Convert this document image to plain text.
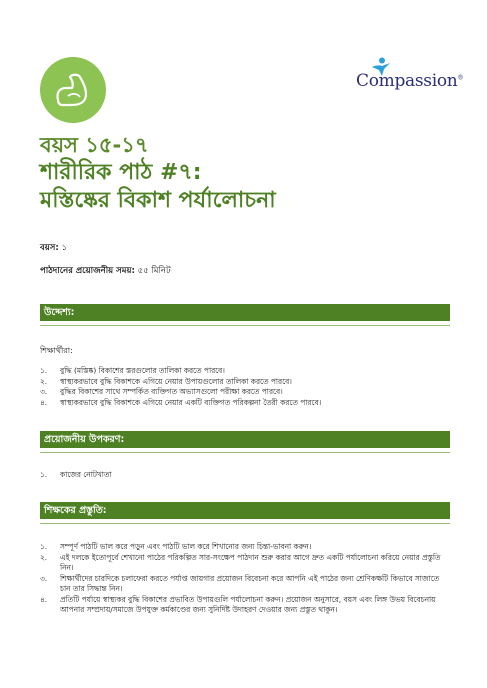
Compassion®
বয়স ১৫-১৭
শারীরিক পাঠ #৭:
মস্তিষ্কের বিকাশ পর্যালোচনা
বয়স: ১
পাঠদানের প্রয়োজনীয় সময়: ৫৫ মিনিট
উদ্দেশ্য:
শিক্ষার্থীরা:
১. বুদ্ধি (মস্তিষ্ক) বিকাশের স্তরগুলোর তালিকা করতে পারবে।
২. স্বাস্থ্যকরভাবে বুদ্ধি বিকাশকে এগিয়ে নেয়ার উপায়গুলোর তালিকা করতে পারবে।
৩. বুদ্ধির বিকাশের সাথে সম্পর্কিত ব্যক্তিগত অভ্যাসগুলো পরীক্ষা করতে পারবে।
৪. স্বাস্থ্যকরভাবে বুদ্ধি বিকাশকে এগিয়ে নেয়ার একটি ব্যক্তিগত পরিকল্পনা তৈরী করতে পারবে।
প্রয়োজনীয় উপকরণ:
১. কাজের নোটখাতা
শিক্ষকের প্রস্তুতি:
১. সম্পূর্ণ পাঠটি ভাল করে পড়ুন এবং পাঠটি ভাল করে শিখানোর জন্য চিন্তা-ভাবনা করুন।
২. এই দলকে ইতোপূর্বে শেখানো পাঠের পরিকল্পিত সার-সংক্ষেপ পাঠদান শুরু করার আগে দ্রুত একটি পর্যালোচনা করিয়ে নেয়ার প্রস্তুতি নিন।
৩. শিক্ষার্থীদের চারদিকে চলাফেরা করতে পর্যাপ্ত জায়গার প্রয়োজন বিবেচনা করে আপনি এই পাঠের জন্য শ্রেণিকক্ষটি কিভাবে সাজাতে চান তার সিদ্ধান্ত নিন।
৪. প্রতিটি পর্যায়ে স্বাস্থ্যকর বুদ্ধি বিকাশের প্রভাবিত উপায়গুলি পর্যালোচনা করুন। প্রয়োজন অনুসারে, বয়স এবং লিঙ্গ উভয় বিবেচনায় আপনার সম্প্রদায়/সমাজে উপযুক্ত কর্মকাণ্ডের জন্য সুনির্দিষ্ট উদাহরণ দেওয়ার জন্য প্রস্তুত থাকুন।
